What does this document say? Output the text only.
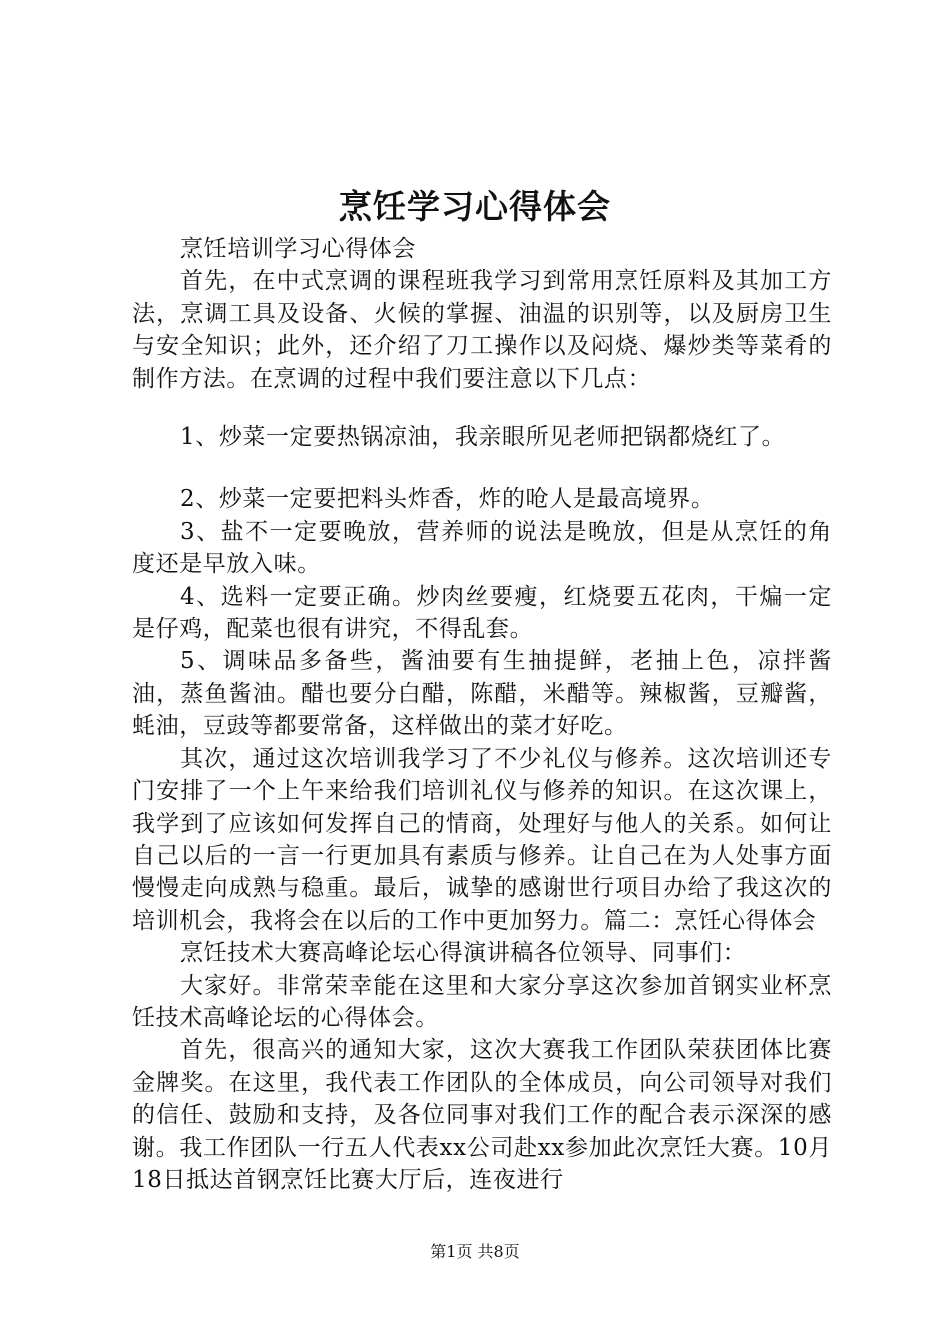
烹饪学习心得体会

烹饪培训学习心得体会

首先，在中式烹调的课程班我学习到常用烹饪原料及其加工方法，烹调工具及设备、火候的掌握、油温的识别等，以及厨房卫生与安全知识；此外，还介绍了刀工操作以及闷烧、爆炒类等菜肴的制作方法。在烹调的过程中我们要注意以下几点：

1、炒菜一定要热锅凉油，我亲眼所见老师把锅都烧红了。

2、炒菜一定要把料头炸香，炸的呛人是最高境界。

3、盐不一定要晚放，营养师的说法是晚放，但是从烹饪的角度还是早放入味。

4、选料一定要正确。炒肉丝要瘦，红烧要五花肉，干煸一定是仔鸡，配菜也很有讲究，不得乱套。

5、调味品多备些，酱油要有生抽提鲜，老抽上色，凉拌酱油，蒸鱼酱油。醋也要分白醋，陈醋，米醋等。辣椒酱，豆瓣酱，蚝油，豆豉等都要常备，这样做出的菜才好吃。

其次，通过这次培训我学习了不少礼仪与修养。这次培训还专门安排了一个上午来给我们培训礼仪与修养的知识。在这次课上，我学到了应该如何发挥自己的情商，处理好与他人的关系。如何让自己以后的一言一行更加具有素质与修养。让自己在为人处事方面慢慢走向成熟与稳重。最后，诚挚的感谢世行项目办给了我这次的培训机会，我将会在以后的工作中更加努力。篇二：烹饪心得体会

烹饪技术大赛高峰论坛心得演讲稿各位领导、同事们：

大家好。非常荣幸能在这里和大家分享这次参加首钢实业杯烹饪技术高峰论坛的心得体会。

首先，很高兴的通知大家，这次大赛我工作团队荣获团体比赛金牌奖。在这里，我代表工作团队的全体成员，向公司领导对我们的信任、鼓励和支持，及各位同事对我们工作的配合表示深深的感谢。我工作团队一行五人代表xx公司赴xx参加此次烹饪大赛。10月18日抵达首钢烹饪比赛大厅后，连夜进行

第1页 共8页
